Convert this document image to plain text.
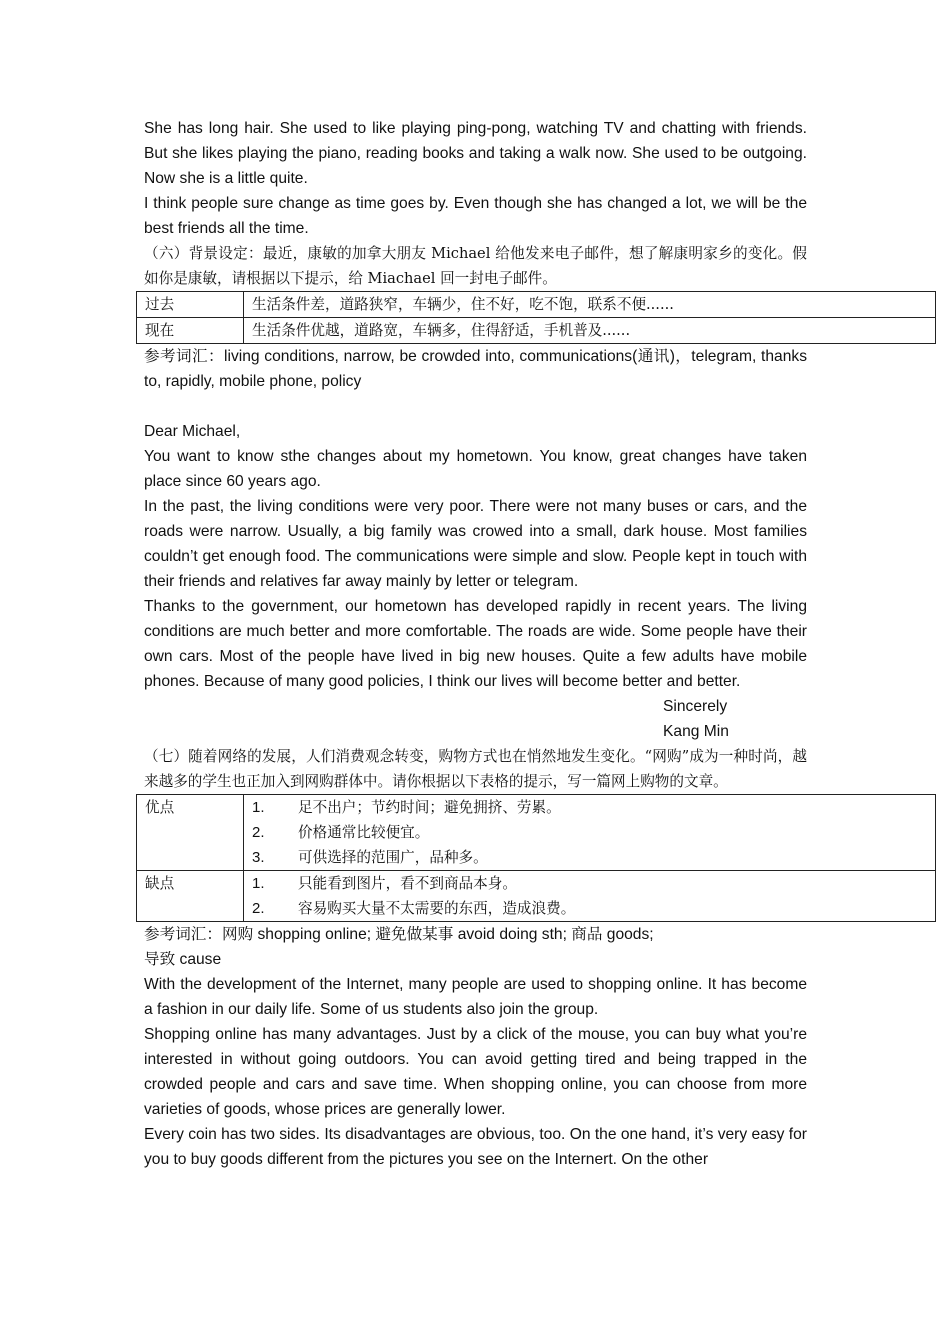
She has long hair. She used to like playing ping-pong, watching TV and chatting with friends. But she likes playing the piano, reading books and taking a walk now. She used to be outgoing. Now she is a little quite.

I think people sure change as time goes by. Even though she has changed a lot, we will be the best friends all the time.

（六）背景设定：最近，康敏的加拿大朋友 Michael 给他发来电子邮件，想了解康明家乡的变化。假如你是康敏，请根据以下提示，给 Miachael 回一封电子邮件。

过去	生活条件差，道路狭窄，车辆少，住不好，吃不饱，联系不便......
现在	生活条件优越，道路宽，车辆多，住得舒适，手机普及......

参考词汇：living conditions, narrow, be crowded into, communications(通讯)，telegram, thanks to, rapidly, mobile phone, policy

Dear Michael,

You want to know sthe changes about my hometown. You know, great changes have taken place since 60 years ago.

In the past, the living conditions were very poor. There were not many buses or cars, and the roads were narrow. Usually, a big family was crowed into a small, dark house. Most families couldn’t get enough food. The communications were simple and slow. People kept in touch with their friends and relatives far away mainly by letter or telegram.

Thanks to the government, our hometown has developed rapidly in recent years. The living conditions are much better and more comfortable. The roads are wide. Some people have their own cars. Most of the people have lived in big new houses. Quite a few adults have mobile phones. Because of many good policies, I think our lives will become better and better.

Sincerely

Kang Min

（七）随着网络的发展，人们消费观念转变，购物方式也在悄然地发生变化。“网购”成为一种时尚，越来越多的学生也正加入到网购群体中。请你根据以下表格的提示，写一篇网上购物的文章。

优点	1. 足不出户；节约时间；避免拥挤、劳累。
2. 价格通常比较便宜。
3. 可供选择的范围广，品种多。

缺点	1. 只能看到图片，看不到商品本身。
2. 容易购买大量不太需要的东西，造成浪费。

参考词汇：网购 shopping online; 避免做某事 avoid doing sth; 商品 goods;

导致 cause

With the development of the Internet, many people are used to shopping online. It has become a fashion in our daily life. Some of us students also join the group.

Shopping online has many advantages. Just by a click of the mouse, you can buy what you’re interested in without going outdoors. You can avoid getting tired and being trapped in the crowded people and cars and save time. When shopping online, you can choose from more varieties of goods, whose prices are generally lower.

Every coin has two sides. Its disadvantages are obvious, too. On the one hand, it’s very easy for you to buy goods different from the pictures you see on the Internert. On the other
